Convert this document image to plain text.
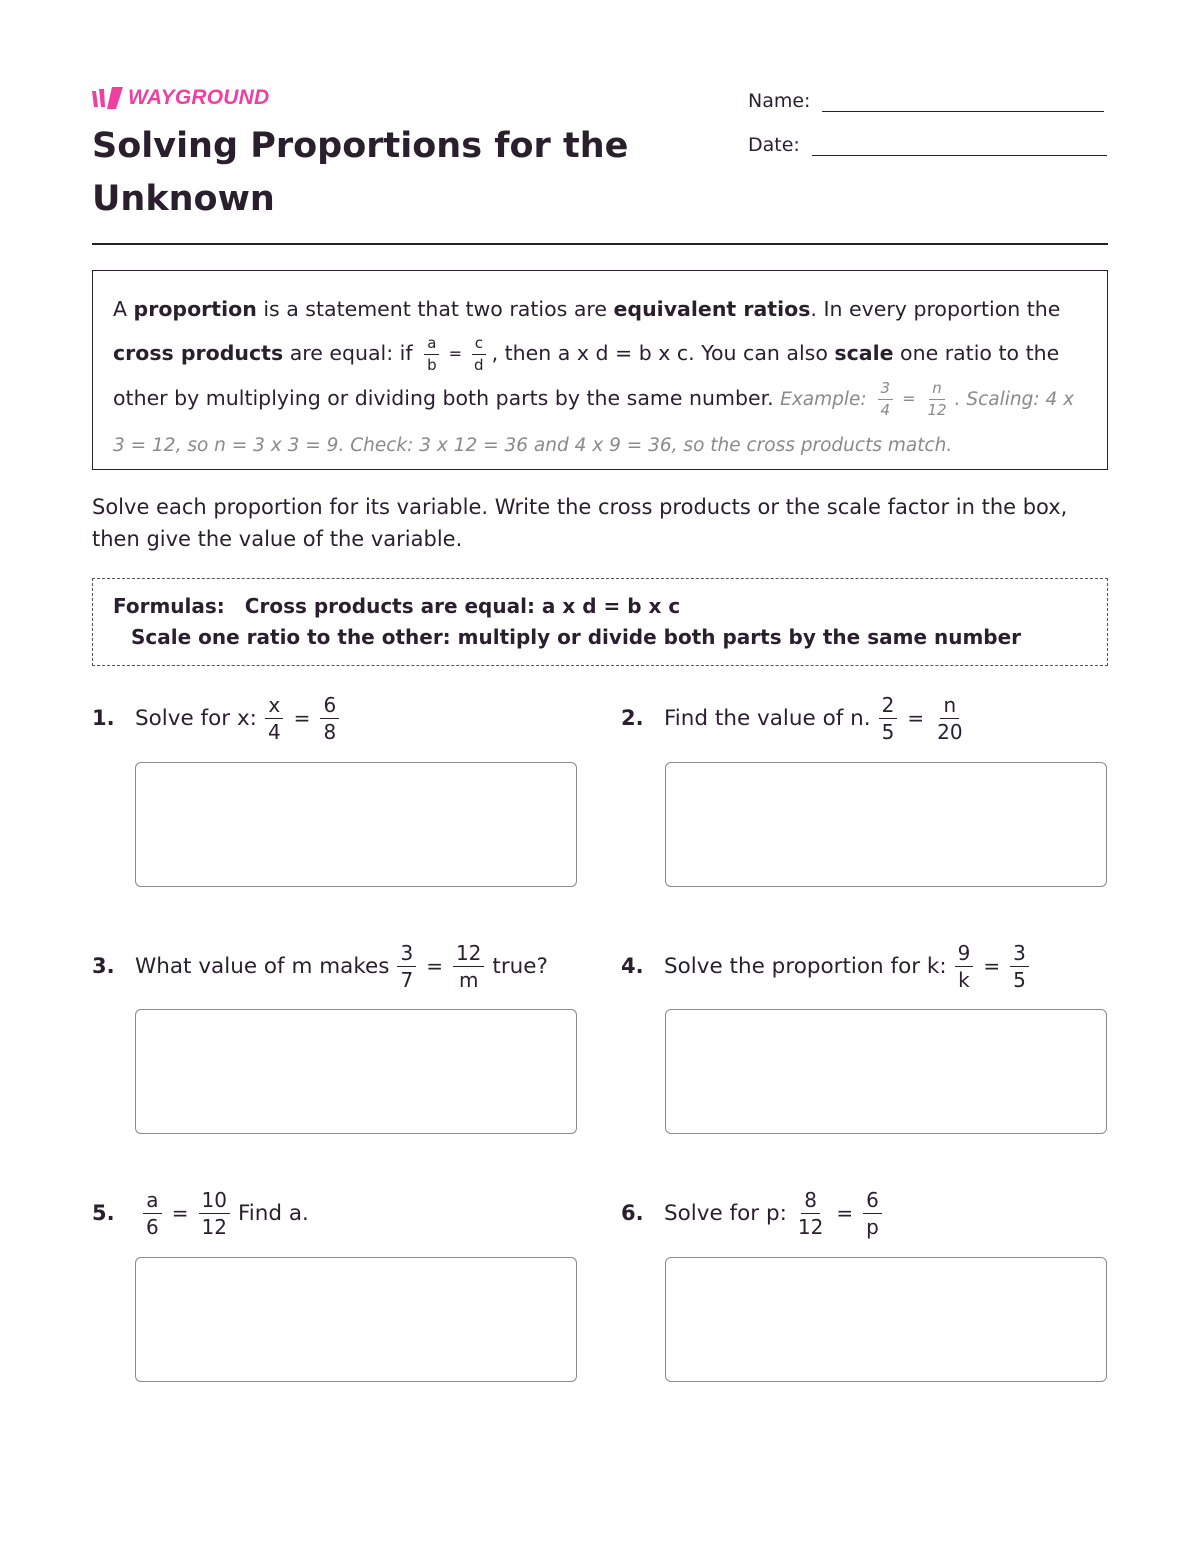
WAYGROUND
Solving Proportions for the Unknown
Name:
Date:
A proportion is a statement that two ratios are equivalent ratios. In every proportion the cross products are equal: if $\frac{a}{b} = \frac{c}{d}$ , then a x d = b x c. You can also scale one ratio to the other by multiplying or dividing both parts by the same number. Example: $\frac{3}{4} = \frac{n}{12}$ . Scaling: 4 x 3 = 12, so n = 3 x 3 = 9. Check: 3 x 12 = 36 and 4 x 9 = 36, so the cross products match.

Solve each proportion for its variable. Write the cross products or the scale factor in the box, then give the value of the variable.

Formulas: Cross products are equal: a x d = b x c
Scale one ratio to the other: multiply or divide both parts by the same number
1. Solve for x: $\frac{x}{4} = \frac{6}{8}$	2. Find the value of n. $\frac{2}{5} = \frac{n}{20}$
3. What value of m makes $\frac{3}{7} = \frac{12}{m}$ true?	4. Solve the proportion for k: $\frac{9}{k} = \frac{3}{5}$
5.	$\frac{a}{6} = \frac{10}{12}$ Find a.	6. Solve for p: $\frac{8}{12} = \frac{6}{p}$
